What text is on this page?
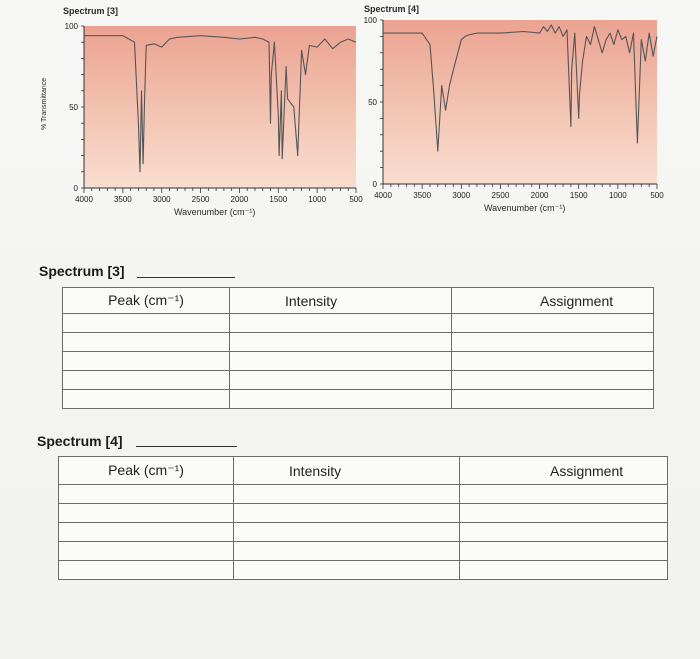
Spectrum [3]
% Transmittance
Wavenumber (cm⁻¹)
4000	3500	3000	2500	2000	1500	1000	500
100
50
0
Spectrum [4]
Wavenumber (cm⁻¹)
4000	3500	3000	2500	2000	1500	1000	500
100
50
0
Spectrum [3]
Peak (cm⁻¹)	Intensity	Assignment

Spectrum [4]
Peak (cm⁻¹)	Intensity	Assignment
